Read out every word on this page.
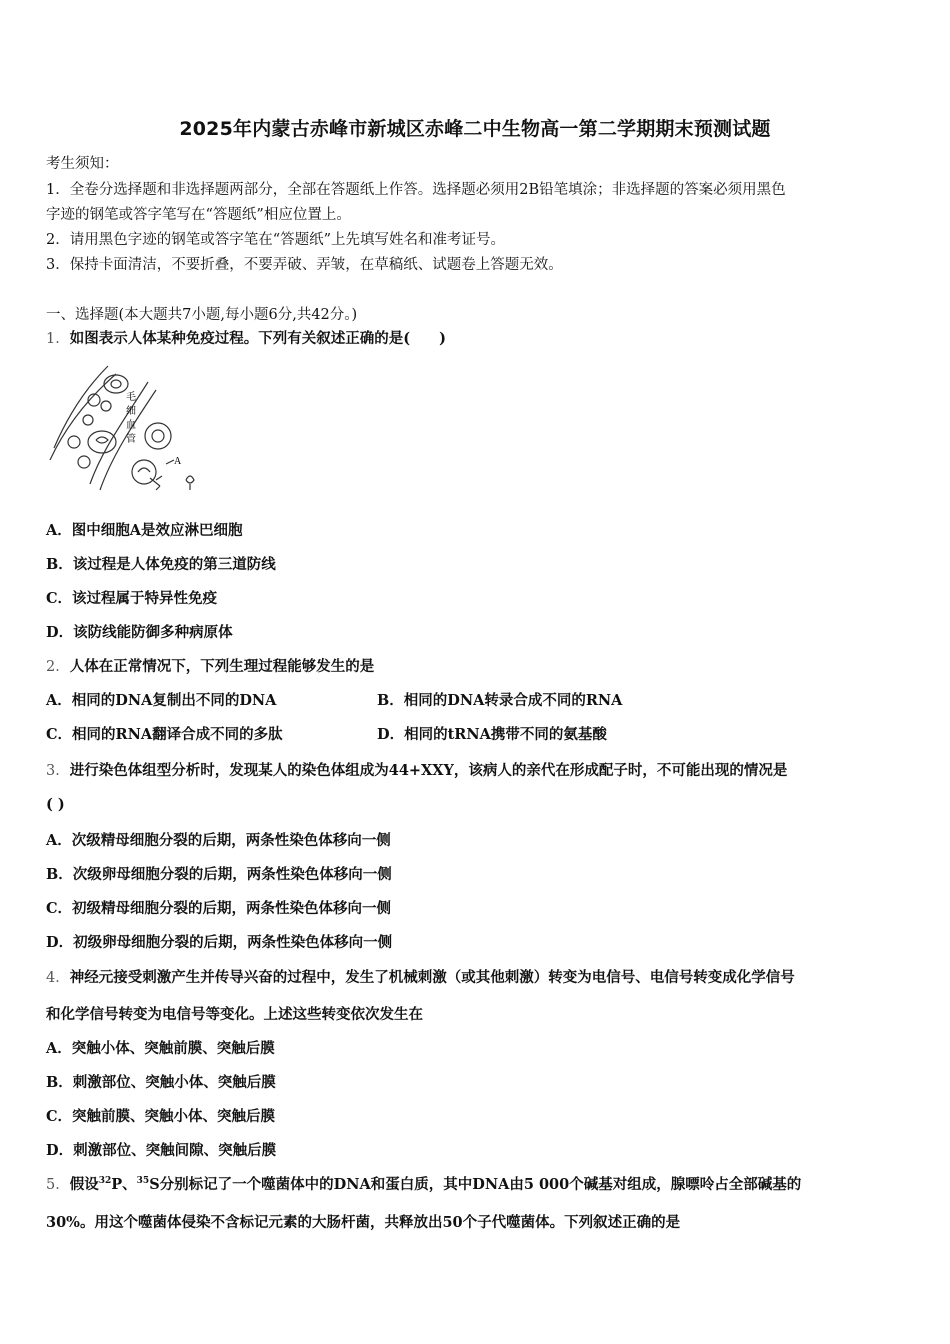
2025年内蒙古赤峰市新城区赤峰二中生物高一第二学期期末预测试题
考生须知：
1．全卷分选择题和非选择题两部分，全部在答题纸上作答。选择题必须用2B铅笔填涂；非选择题的答案必须用黑色
字迹的钢笔或答字笔写在“答题纸”相应位置上。
2．请用黑色字迹的钢笔或答字笔在“答题纸”上先填写姓名和准考证号。
3．保持卡面清洁，不要折叠，不要弄破、弄皱，在草稿纸、试题卷上答题无效。
一、选择题(本大题共7小题,每小题6分,共42分。)
1．如图表示人体某种免疫过程。下列有关叙述正确的是(　　)
毛
细
血
管
A
A．图中细胞A是效应淋巴细胞
B．该过程是人体免疫的第三道防线
C．该过程属于特异性免疫
D．该防线能防御多种病原体
2．人体在正常情况下，下列生理过程能够发生的是
A．相同的DNA复制出不同的DNA	B．相同的DNA转录合成不同的RNA
C．相同的RNA翻译合成不同的多肽	D．相同的tRNA携带不同的氨基酸
3．进行染色体组型分析时，发现某人的染色体组成为44+XXY，该病人的亲代在形成配子时，不可能出现的情况是
( )
A．次级精母细胞分裂的后期，两条性染色体移向一侧
B．次级卵母细胞分裂的后期，两条性染色体移向一侧
C．初级精母细胞分裂的后期，两条性染色体移向一侧
D．初级卵母细胞分裂的后期，两条性染色体移向一侧
4．神经元接受刺激产生并传导兴奋的过程中，发生了机械刺激（或其他刺激）转变为电信号、电信号转变成化学信号
和化学信号转变为电信号等变化。上述这些转变依次发生在
A．突触小体、突触前膜、突触后膜
B．刺激部位、突触小体、突触后膜
C．突触前膜、突触小体、突触后膜
D．刺激部位、突触间隙、突触后膜
5．假设$^{32}$P、$^{35}$S分别标记了一个噬菌体中的DNA和蛋白质，其中DNA由5 000个碱基对组成，腺嘌呤占全部碱基的
30%。用这个噬菌体侵染不含标记元素的大肠杆菌，共释放出50个子代噬菌体。下列叙述正确的是
